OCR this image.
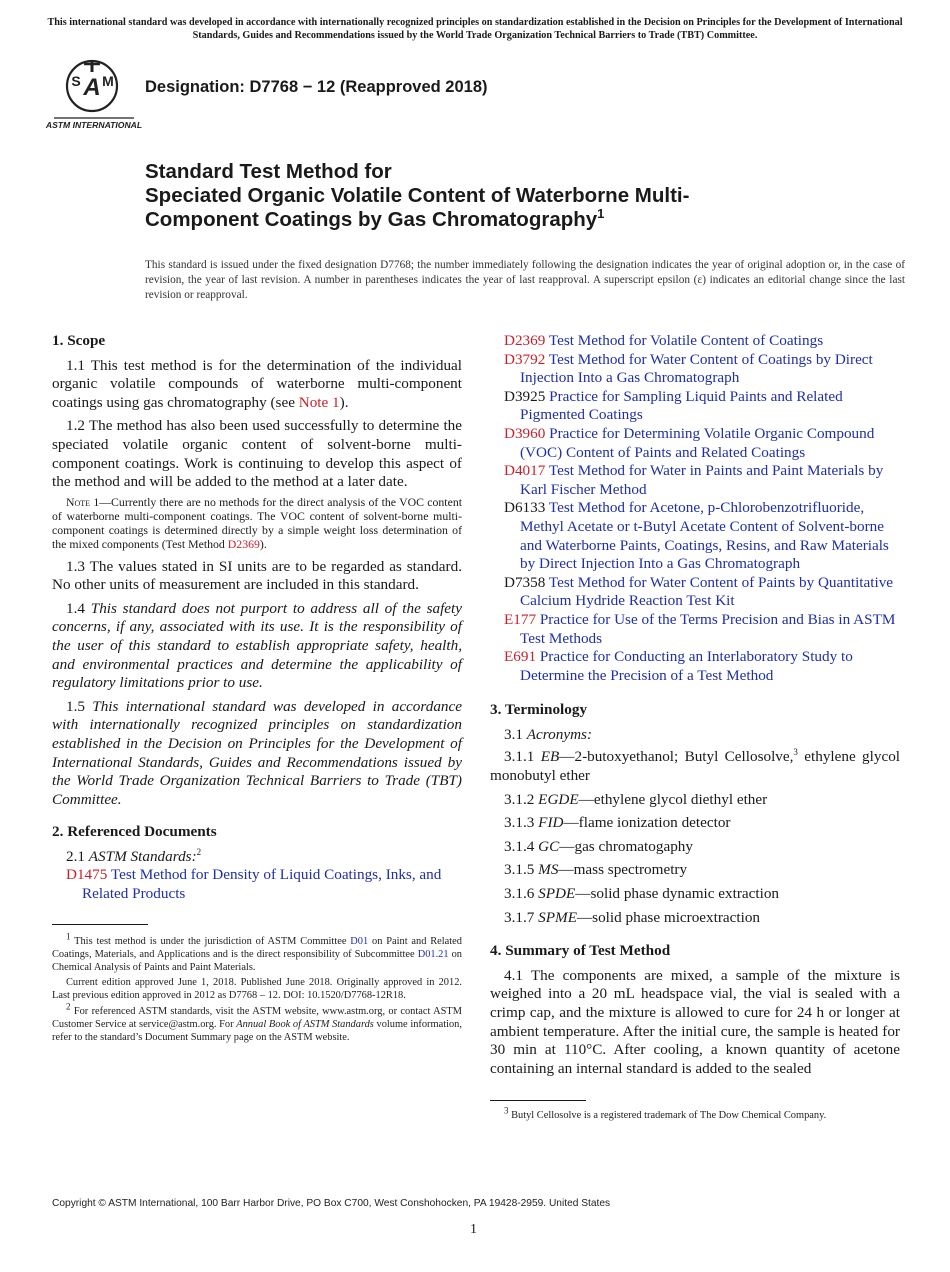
This international standard was developed in accordance with internationally recognized principles on standardization established in the Decision on Principles for the Development of International Standards, Guides and Recommendations issued by the World Trade Organization Technical Barriers to Trade (TBT) Committee.
A
S M
ASTM INTERNATIONAL
Designation: D7768 − 12 (Reapproved 2018)
Standard Test Method for
Speciated Organic Volatile Content of Waterborne Multi-
Component Coatings by Gas Chromatography$^1$
This standard is issued under the fixed designation D7768; the number immediately following the designation indicates the year of original adoption or, in the case of revision, the year of last revision. A number in parentheses indicates the year of last reapproval. A superscript epsilon (ε) indicates an editorial change since the last revision or reapproval.
1. Scope
1.1 This test method is for the determination of the individual organic volatile compounds of waterborne multi-component coatings using gas chromatography (see Note 1).
1.2 The method has also been used successfully to determine the speciated volatile organic content of solvent-borne multi-component coatings. Work is continuing to develop this aspect of the method and will be added to the method at a later date.
Note 1—Currently there are no methods for the direct analysis of the VOC content of waterborne multi-component coatings. The VOC content of solvent-borne multi-component coatings is determined directly by a simple weight loss determination of the mixed components (Test Method D2369).
1.3 The values stated in SI units are to be regarded as standard. No other units of measurement are included in this standard.
1.4 This standard does not purport to address all of the safety concerns, if any, associated with its use. It is the responsibility of the user of this standard to establish appropriate safety, health, and environmental practices and determine the applicability of regulatory limitations prior to use.
1.5 This international standard was developed in accordance with internationally recognized principles on standardization established in the Decision on Principles for the Development of International Standards, Guides and Recommendations issued by the World Trade Organization Technical Barriers to Trade (TBT) Committee.
2. Referenced Documents
2.1 ASTM Standards:$^2$
D1475 Test Method for Density of Liquid Coatings, Inks, and Related Products
$^1$ This test method is under the jurisdiction of ASTM Committee D01 on Paint and Related Coatings, Materials, and Applications and is the direct responsibility of Subcommittee D01.21 on Chemical Analysis of Paints and Paint Materials.
Current edition approved June 1, 2018. Published June 2018. Originally approved in 2012. Last previous edition approved in 2012 as D7768 – 12. DOI: 10.1520/D7768-12R18.
$^2$ For referenced ASTM standards, visit the ASTM website, www.astm.org, or contact ASTM Customer Service at service@astm.org. For Annual Book of ASTM Standards volume information, refer to the standard’s Document Summary page on the ASTM website.
D2369 Test Method for Volatile Content of Coatings
D3792 Test Method for Water Content of Coatings by Direct Injection Into a Gas Chromatograph
D3925 Practice for Sampling Liquid Paints and Related Pigmented Coatings
D3960 Practice for Determining Volatile Organic Compound (VOC) Content of Paints and Related Coatings
D4017 Test Method for Water in Paints and Paint Materials by Karl Fischer Method
D6133 Test Method for Acetone, p-Chlorobenzotrifluoride, Methyl Acetate or t-Butyl Acetate Content of Solvent-borne and Waterborne Paints, Coatings, Resins, and Raw Materials by Direct Injection Into a Gas Chromatograph
D7358 Test Method for Water Content of Paints by Quantitative Calcium Hydride Reaction Test Kit
E177 Practice for Use of the Terms Precision and Bias in ASTM Test Methods
E691 Practice for Conducting an Interlaboratory Study to Determine the Precision of a Test Method
3. Terminology
3.1 Acronyms:
3.1.1 EB—2-butoxyethanol; Butyl Cellosolve,$^3$ ethylene glycol monobutyl ether
3.1.2 EGDE—ethylene glycol diethyl ether
3.1.3 FID—flame ionization detector
3.1.4 GC—gas chromatogaphy
3.1.5 MS—mass spectrometry
3.1.6 SPDE—solid phase dynamic extraction
3.1.7 SPME—solid phase microextraction
4. Summary of Test Method
4.1 The components are mixed, a sample of the mixture is weighed into a 20 mL headspace vial, the vial is sealed with a crimp cap, and the mixture is allowed to cure for 24 h or longer at ambient temperature. After the initial cure, the sample is heated for 30 min at 110°C. After cooling, a known quantity of acetone containing an internal standard is added to the sealed
$^3$ Butyl Cellosolve is a registered trademark of The Dow Chemical Company.
Copyright © ASTM International, 100 Barr Harbor Drive, PO Box C700, West Conshohocken, PA 19428-2959. United States
1
